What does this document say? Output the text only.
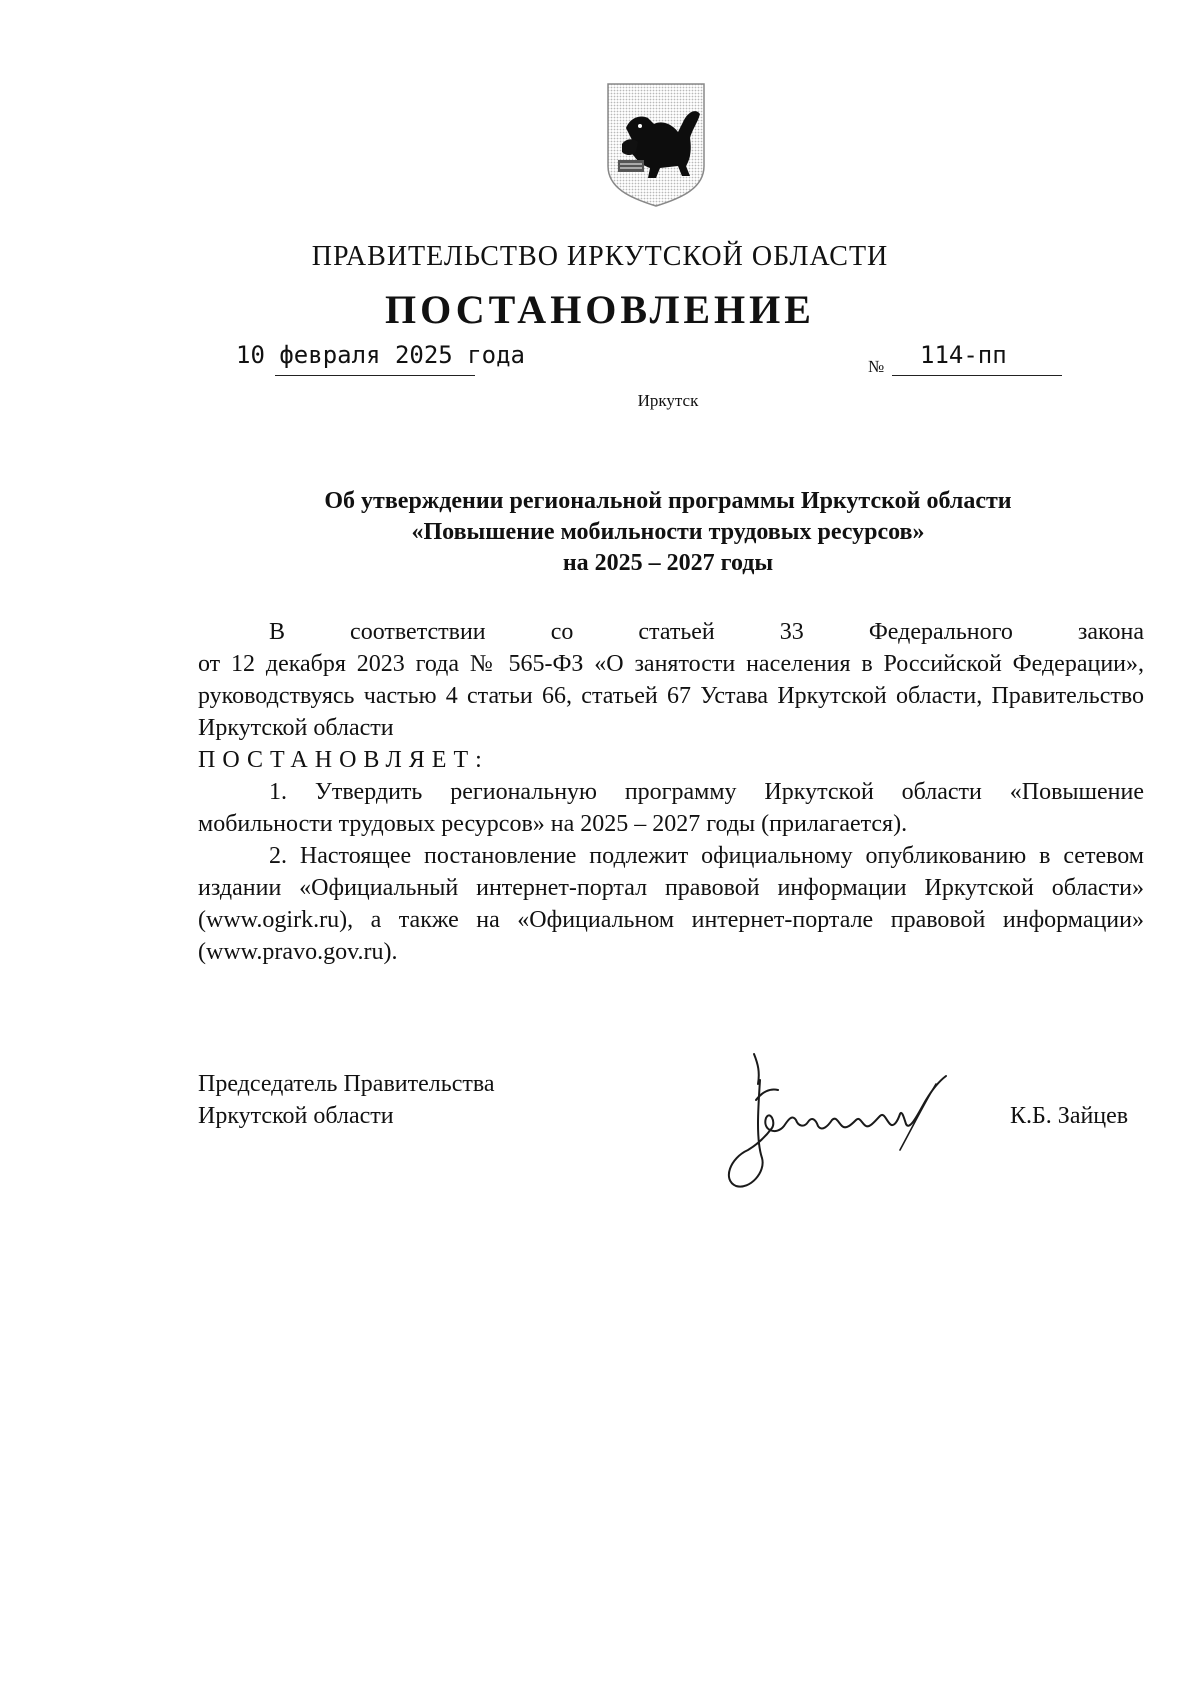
ПРАВИТЕЛЬСТВО ИРКУТСКОЙ ОБЛАСТИ
ПОСТАНОВЛЕНИЕ
10 февраля 2025 года	№ 114-пп
Иркутск
Об утверждении региональной программы Иркутской области
«Повышение мобильности трудовых ресурсов»
на 2025 – 2027 годы

В соответствии со статьей 33 Федерального закона

от 12 декабря 2023 года № 565-ФЗ «О занятости населения в Российской Федерации», руководствуясь частью 4 статьи 66, статьей 67 Устава Иркутской области, Правительство Иркутской области

ПОСТАНОВЛЯЕТ:

1. Утвердить региональную программу Иркутской области «Повышение мобильности трудовых ресурсов» на 2025 – 2027 годы (прилагается).

2. Настоящее постановление подлежит официальному опубликованию в сетевом издании «Официальный интернет-портал правовой информации Иркутской области» (www.ogirk.ru), а также на «Официальном интернет-портале правовой информации» (www.pravo.gov.ru).

Председатель Правительства
Иркутской области	К.Б. Зайцев
